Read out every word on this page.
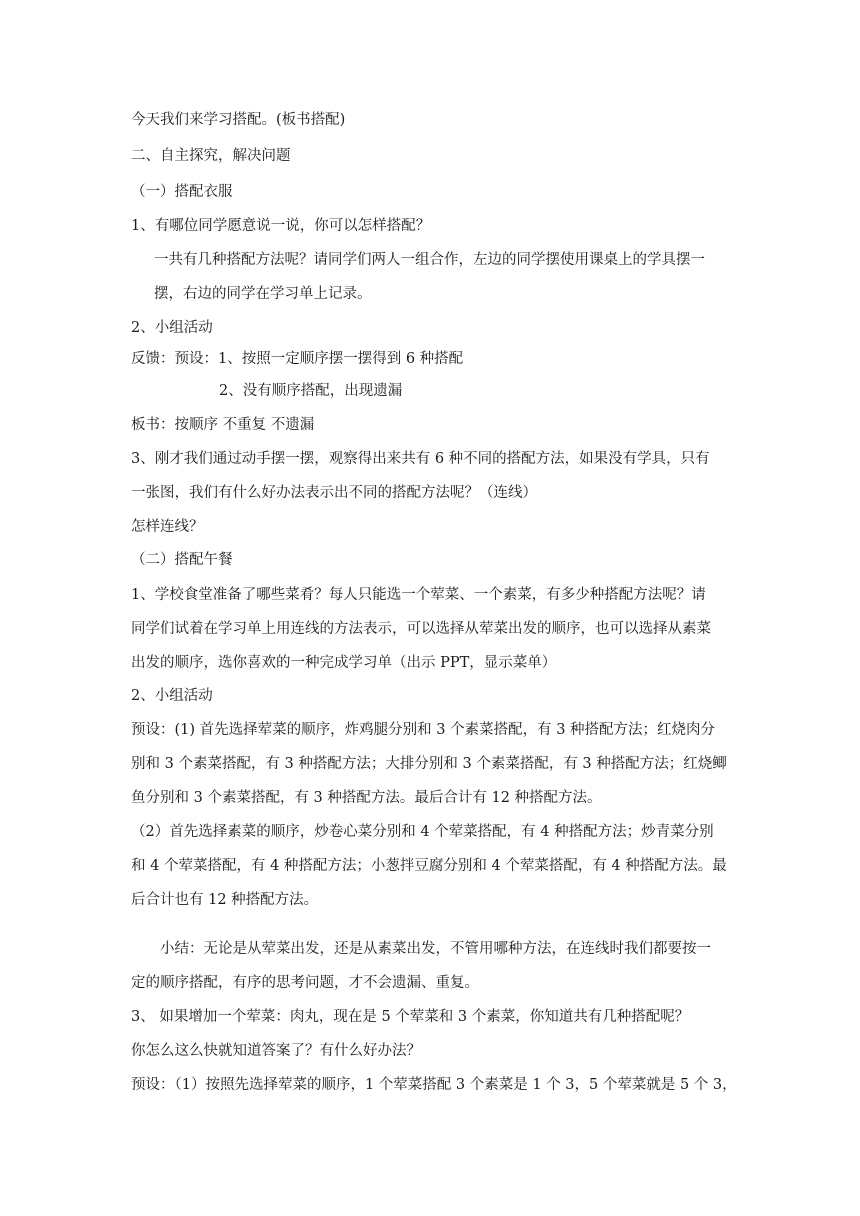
今天我们来学习搭配。(板书搭配)
二、自主探究，解决问题
（一）搭配衣服
1、有哪位同学愿意说一说，你可以怎样搭配？
一共有几种搭配方法呢？请同学们两人一组合作，左边的同学摆使用课桌上的学具摆一
摆，右边的同学在学习单上记录。
2、小组活动
反馈：预设：1、按照一定顺序摆一摆得到 6 种搭配
2、没有顺序搭配，出现遗漏
板书：按顺序 不重复 不遗漏
3、刚才我们通过动手摆一摆，观察得出来共有 6 种不同的搭配方法，如果没有学具，只有
一张图，我们有什么好办法表示出不同的搭配方法呢？（连线）
怎样连线？
（二）搭配午餐
1、学校食堂准备了哪些菜肴？每人只能选一个荤菜、一个素菜，有多少种搭配方法呢？请
同学们试着在学习单上用连线的方法表示，可以选择从荤菜出发的顺序，也可以选择从素菜
出发的顺序，选你喜欢的一种完成学习单（出示 PPT，显示菜单）
2、小组活动
预设：(1) 首先选择荤菜的顺序，炸鸡腿分别和 3 个素菜搭配，有 3 种搭配方法；红烧肉分
别和 3 个素菜搭配，有 3 种搭配方法；大排分别和 3 个素菜搭配，有 3 种搭配方法；红烧鲫
鱼分别和 3 个素菜搭配，有 3 种搭配方法。最后合计有 12 种搭配方法。
（2）首先选择素菜的顺序，炒卷心菜分别和 4 个荤菜搭配，有 4 种搭配方法；炒青菜分别
和 4 个荤菜搭配，有 4 种搭配方法；小葱拌豆腐分别和 4 个荤菜搭配，有 4 种搭配方法。最
后合计也有 12 种搭配方法。
小结：无论是从荤菜出发，还是从素菜出发，不管用哪种方法，在连线时我们都要按一
定的顺序搭配，有序的思考问题，才不会遗漏、重复。
3、 如果增加一个荤菜：肉丸，现在是 5 个荤菜和 3 个素菜，你知道共有几种搭配呢？
你怎么这么快就知道答案了？有什么好办法？
预设：（1）按照先选择荤菜的顺序，1 个荤菜搭配 3 个素菜是 1 个 3，5 个荤菜就是 5 个 3，
